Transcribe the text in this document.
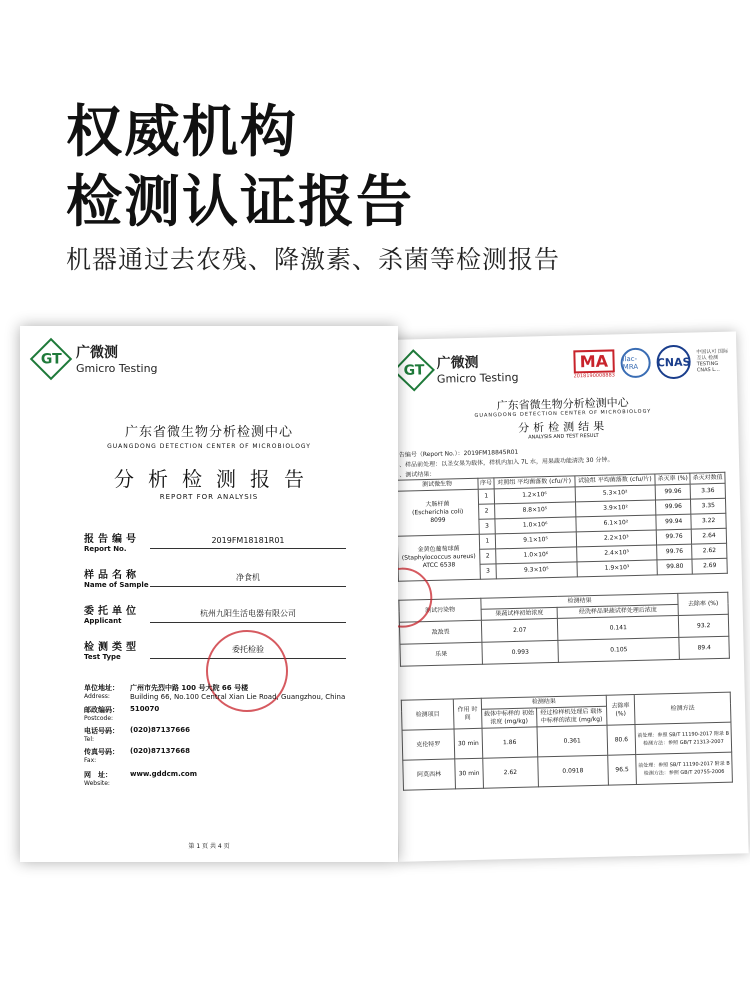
权威机构
检测认证报告
机器通过去农残、降激素、杀菌等检测报告
GT 广微测
Gmicro Testing
MA
2018190008883
ilac-MRA	CNAS
中国认可 国际互认 检测 TESTING CNAS L...
广东省微生物分析检测中心
GUANGDONG DETECTION CENTER OF MICROBIOLOGY
分析检测结果
ANALYSIS AND TEST RESULT
告编号（Report No.）：2019FM18845R01
、样品前处理：以圣女果为载体，样机内加入 7L 水，用果蔬功能清洗 30 分钟。
、测试结果：
测试微生物	序号	对照组 平均菌落数 (cfu/片)	试验组 平均菌落数 (cfu/片)	杀灭率 (%)	杀灭对数值

大肠杆菌
(Escherichia coli)
8099	1	1.2×10⁶	5.3×10²	99.96	3.36
	2	8.8×10⁵	3.9×10²	99.96	3.35
	3	1.0×10⁶	6.1×10²	99.94	3.22

金黄色葡萄球菌
(Staphylococcus aureus)
ATCC 6538	1	9.1×10⁵	2.2×10³	99.76	2.64
	2	1.0×10⁶	2.4×10³	99.76	2.62
	3	9.3×10⁵	1.9×10³	99.80	2.69
测试污染物	检测结果		去除率 (%)
	果蔬试样初始浓度	经洗样品果蔬试样处理后浓度	
敌敌畏	2.07	0.141	93.2
乐果	0.993	0.105	89.4
检测项目	作用 时间	检测结果		去除率 (%)	检测方法
		载体中标样的 初始浓度 (mg/kg)	经过检样机处理后 载体中标样的浓度 (mg/kg)		
克伦特罗	30 min	1.86	0.361	80.6	前处理：参照 SB/T 11190-2017 附录 B 检测方法：参照 GB/T 21313-2007
阿莫西林	30 min	2.62	0.0918	96.5	前处理：参照 SB/T 11190-2017 附录 B 检测方法：参照 GB/T 20755-2006
GT 广微测
Gmicro Testing
广东省微生物分析检测中心
GUANGDONG DETECTION CENTER OF MICROBIOLOGY
分析检测报告
REPORT FOR ANALYSIS
报告编号
Report No.
2019FM18181R01
样品名称
Name of Sample
净食机
委托单位
Applicant
杭州九阳生活电器有限公司
检测类型
Test Type
委托检验
单位地址：
Address:
广州市先烈中路 100 号大院 66 号楼
Building 66, No.100 Central Xian Lie Road, Guangzhou, China
邮政编码：
Postcode:
510070
电话号码：
Tel:
(020)87137666
传真号码：
Fax:
(020)87137668
网　址：
Website:
www.gddcm.com
第 1 页 共 4 页
